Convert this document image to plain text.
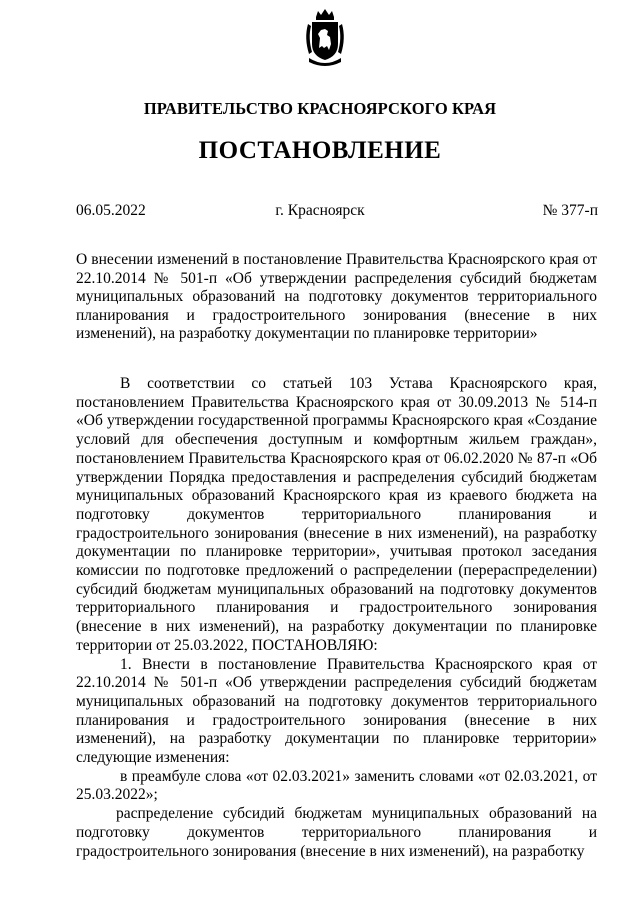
ПРАВИТЕЛЬСТВО КРАСНОЯРСКОГО КРАЯ
ПОСТАНОВЛЕНИЕ
06.05.2022	г. Красноярск	№ 377-п
О внесении изменений в постановление Правительства Красноярского края от 22.10.2014 № 501-п «Об утверждении распределения субсидий бюджетам муниципальных образований на подготовку документов территориального планирования и градостроительного зонирования (внесение в них изменений), на разработку документации по планировке территории»

В соответствии со статьей 103 Устава Красноярского края, постановлением Правительства Красноярского края от 30.09.2013 № 514-п «Об утверждении государственной программы Красноярского края «Создание условий для обеспечения доступным и комфортным жильем граждан», постановлением Правительства Красноярского края от 06.02.2020 № 87-п «Об утверждении Порядка предоставления и распределения субсидий бюджетам муниципальных образований Красноярского края из краевого бюджета на подготовку документов территориального планирования и градостроительного зонирования (внесение в них изменений), на разработку документации по планировке территории», учитывая протокол заседания комиссии по подготовке предложений о распределении (перераспределении) субсидий бюджетам муниципальных образований на подготовку документов территориального планирования и градостроительного зонирования (внесение в них изменений), на разработку документации по планировке территории от 25.03.2022, ПОСТАНОВЛЯЮ:

1. Внести в постановление Правительства Красноярского края от 22.10.2014 № 501-п «Об утверждении распределения субсидий бюджетам муниципальных образований на подготовку документов территориального планирования и градостроительного зонирования (внесение в них изменений), на разработку документации по планировке территории» следующие изменения:

в преамбуле слова «от 02.03.2021» заменить словами «от 02.03.2021, от 25.03.2022»;

распределение субсидий бюджетам муниципальных образований на подготовку документов территориального планирования и градостроительного зонирования (внесение в них изменений), на разработку
